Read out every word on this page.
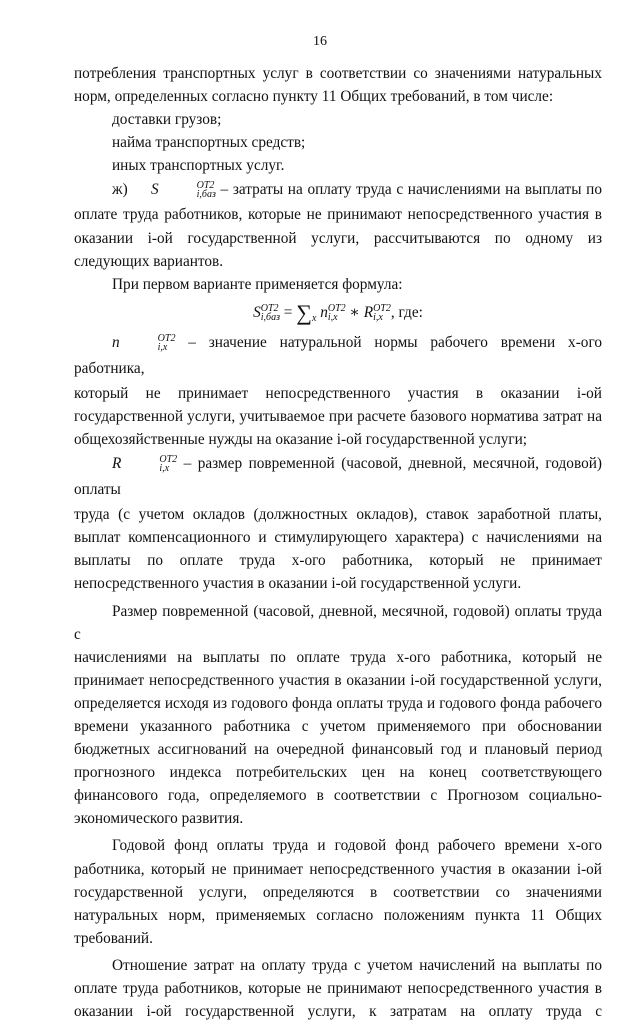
16

потребления транспортных услуг в соответствии со значениями натуральных

норм, определенных согласно пункту 11 Общих требований, в том числе:

доставки грузов;

найма транспортных средств;

иных транспортных услуг.

ж) S	OT2
i,баз – затраты на оплату труда с начислениями на выплаты по

оплате труда работников, которые не принимают непосредственного участия в

оказании i-ой государственной услуги, рассчитываются по одному из

следующих вариантов.

При первом варианте применяется формула:

S OT2
$i,баз = \sum_x$ n OT2
i,x ∗ R OT2
i,x , где:

n	OT2
i,x – значение натуральной нормы рабочего времени х-ого работника,

который не принимает непосредственного участия в оказании i-ой

государственной услуги, учитываемое при расчете базового норматива затрат на

общехозяйственные нужды на оказание i-ой государственной услуги;

R	OT2
i,x – размер повременной (часовой, дневной, месячной, годовой) оплаты

труда (с учетом окладов (должностных окладов), ставок заработной платы,

выплат компенсационного и стимулирующего характера) с начислениями на

выплаты по оплате труда х-ого работника, который не принимает

непосредственного участия в оказании i-ой государственной услуги.

Размер повременной (часовой, дневной, месячной, годовой) оплаты труда с

начислениями на выплаты по оплате труда х-ого работника, который не

принимает непосредственного участия в оказании i-ой государственной услуги,

определяется исходя из годового фонда оплаты труда и годового фонда рабочего

времени указанного работника с учетом применяемого при обосновании

бюджетных ассигнований на очередной финансовый год и плановый период

прогнозного индекса потребительских цен на конец соответствующего

финансового года, определяемого в соответствии с Прогнозом социально-

экономического развития.

Годовой фонд оплаты труда и годовой фонд рабочего времени х-ого

работника, который не принимает непосредственного участия в оказании i-ой

государственной услуги, определяются в соответствии со значениями

натуральных норм, применяемых согласно положениям пункта 11 Общих

требований.

Отношение затрат на оплату труда с учетом начислений на выплаты по

оплате труда работников, которые не принимают непосредственного участия в

оказании i-ой государственной услуги, к затратам на оплату труда с
